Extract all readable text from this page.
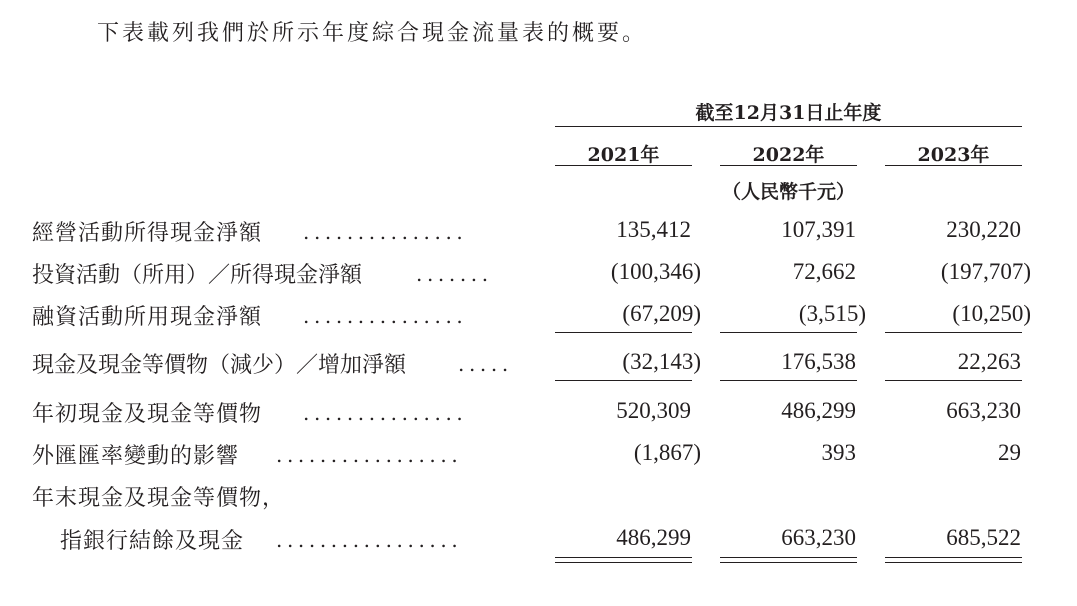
下表載列我們於所示年度綜合現金流量表的概要。
截至12月31日止年度
2021年	2022年	2023年
（人民幣千元）
經營活動所得現金淨額 ...............	135,412	107,391	230,220
投資活動（所用）／所得現金淨額	.......	(100,346)	72,662	(197,707)
融資活動所用現金淨額 ...............	(67,209)	(3,515)	(10,250)
現金及現金等價物（減少）／增加淨額	.....	(32,143)	176,538	22,263
年初現金及現金等價物 ...............	520,309	486,299	663,230
外匯匯率變動的影響 .................	(1,867)	393	29
年末現金及現金等價物，
指銀行結餘及現金 .................	486,299	663,230	685,522
